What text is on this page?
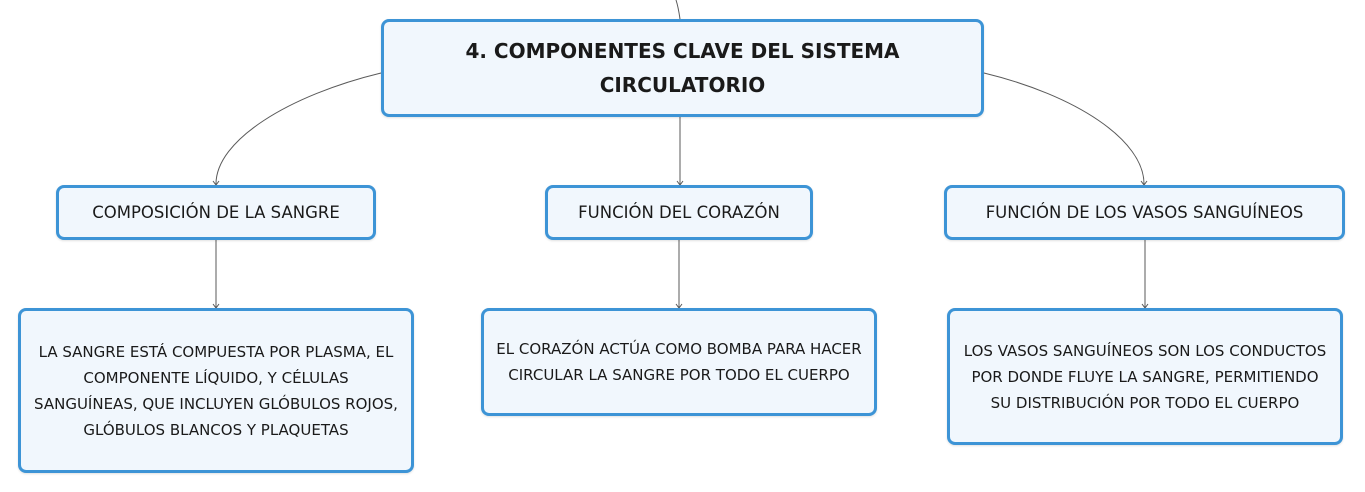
4. COMPONENTES CLAVE DEL SISTEMA CIRCULATORIO
COMPOSICIÓN DE LA SANGRE	FUNCIÓN DEL CORAZÓN	FUNCIÓN DE LOS VASOS SANGUÍNEOS
LA SANGRE ESTÁ COMPUESTA POR PLASMA, EL COMPONENTE LÍQUIDO, Y CÉLULAS SANGUÍNEAS, QUE INCLUYEN GLÓBULOS ROJOS, GLÓBULOS BLANCOS Y PLAQUETAS
EL CORAZÓN ACTÚA COMO BOMBA PARA HACER CIRCULAR LA SANGRE POR TODO EL CUERPO
LOS VASOS SANGUÍNEOS SON LOS CONDUCTOS POR DONDE FLUYE LA SANGRE, PERMITIENDO SU DISTRIBUCIÓN POR TODO EL CUERPO
